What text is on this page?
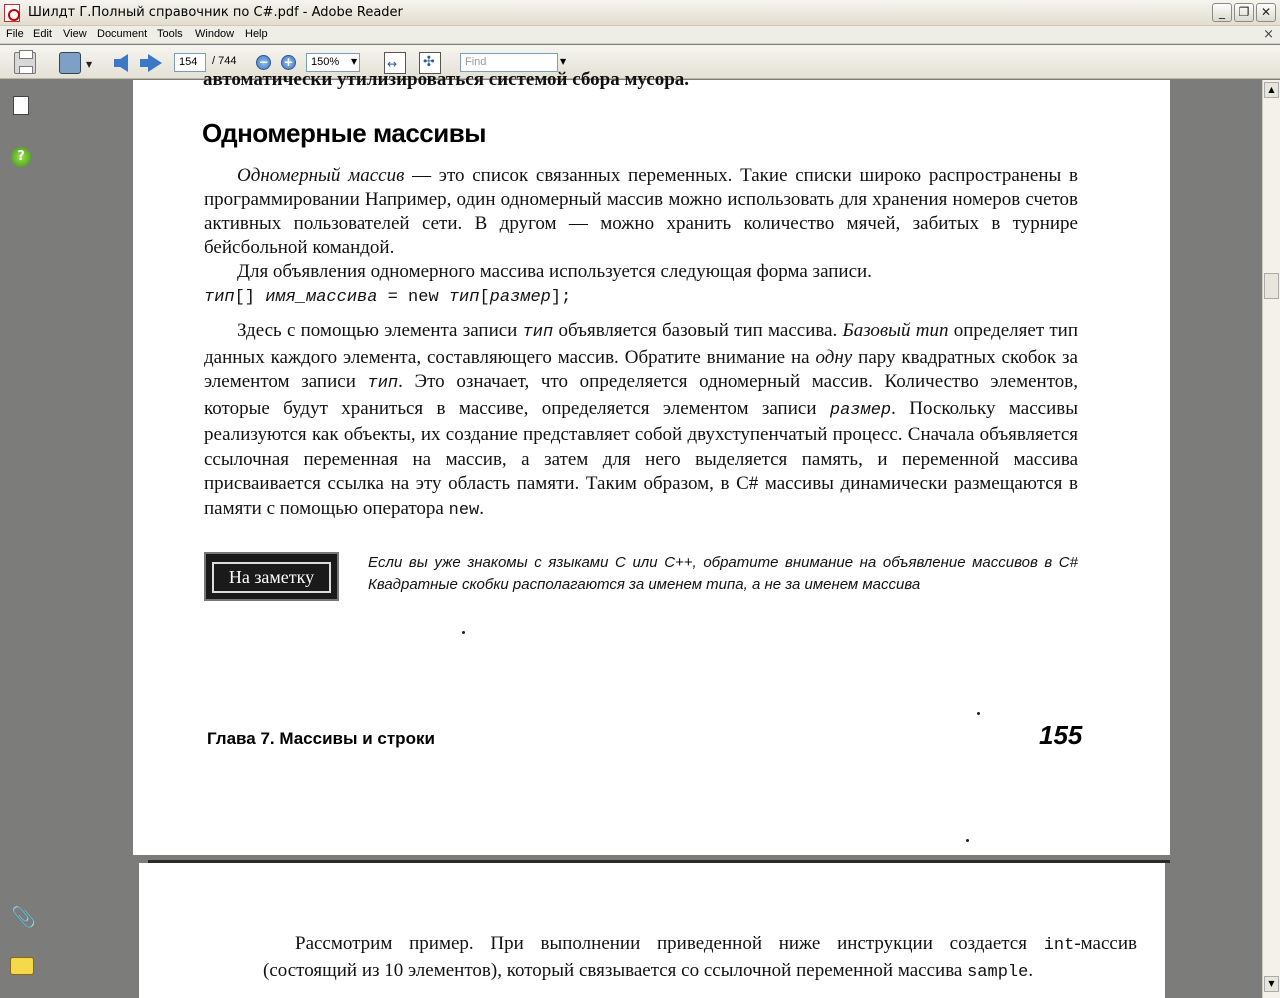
Шилдт Г.Полный справочник по C#.pdf - Adobe Reader	_	❐ ✕
File Edit View Document Tools Window Help	×
▼ ↔ ✣	154	/ 744 − +	150%	▼	Find	▼
?
📎
▲
▼
автоматически утилизироваться системой сбора мусора.
Одномерные массивы
Одномерный массив — это список связанных переменных. Такие списки широко распространены в программировании Например, один одномерный массив можно использовать для хранения номеров счетов активных пользователей сети. В другом — можно хранить количество мячей, забитых в турнире бейсбольной командой.
Для объявления одномерного массива используется следующая форма записи.
тип[] имя_массива = new тип[размер];
Здесь с помощью элемента записи тип объявляется базовый тип массива. Базовый тип определяет тип данных каждого элемента, составляющего массив. Обратите внимание на одну пару квадратных скобок за элементом записи тип. Это означает, что определяется одномерный массив. Количество элементов, которые будут храниться в массиве, определяется элементом записи размер. Поскольку массивы реализуются как объекты, их создание представляет собой двухступенчатый процесс. Сначала объявляется ссылочная переменная на массив, а затем для него выделяется память, и переменной массива присваивается ссылка на эту область памяти. Таким образом, в C# массивы динамически размещаются в памяти с помощью оператора new.
На заметку
Если вы уже знакомы с языками C или C++, обратите внимание на объявление массивов в C# Квадратные скобки располагаются за именем типа, а не за именем массива
Глава 7. Массивы и строки	155
Рассмотрим пример. При выполнении приведенной ниже инструкции создается int-массив (состоящий из 10 элементов), который связывается со ссылочной переменной массива sample.
